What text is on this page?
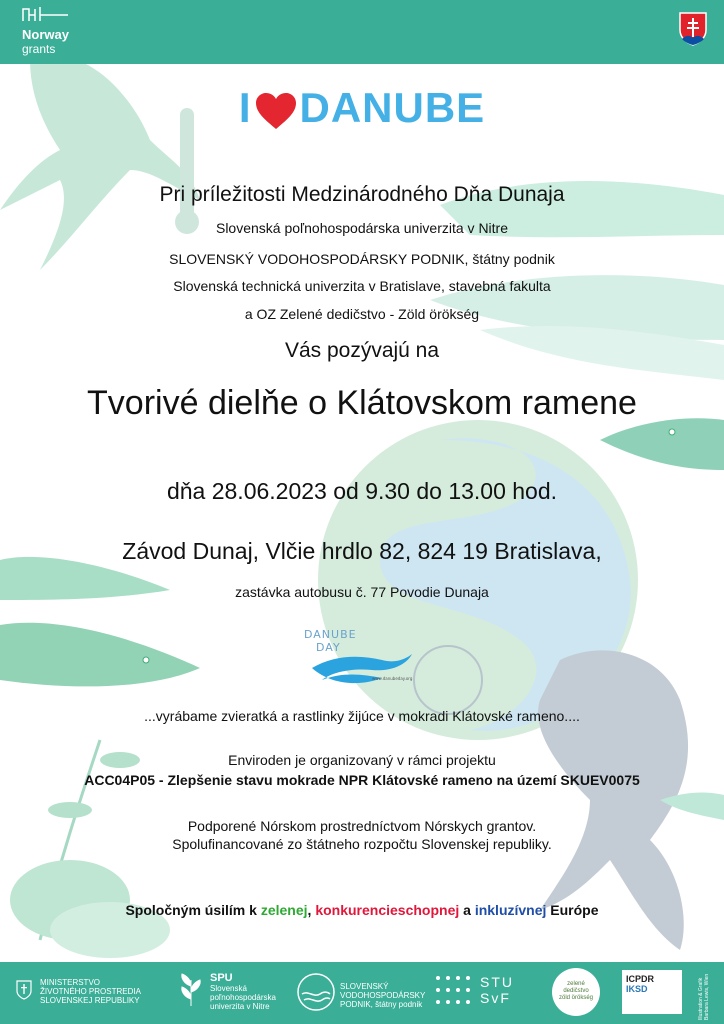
Norway
grants
I DANUBE
Pri príležitosti Medzinárodného Dňa Dunaja
Slovenská poľnohospodárska univerzita v Nitre
SLOVENSKÝ VODOHOSPODÁRSKY PODNIK, štátny podnik
Slovenská technická univerzita v Bratislave, stavebná fakulta
a OZ Zelené dedičstvo - Zöld örökség
Vás pozývajú na
Tvorivé dielňe o Klátovskom ramene
dňa 28.06.2023 od 9.30 do 13.00 hod.
Závod Dunaj, Vlčie hrdlo 82, 824 19 Bratislava,
zastávka autobusu č. 77 Povodie Dunaja
DANUBE
DAY
www.danubeday.org
...vyrábame zvieratká a rastlinky žijúce v mokradi Klátovské rameno....
Enviroden je organizovaný v rámci projektu
ACC04P05 - Zlepšenie stavu mokrade NPR Klátovské rameno na území SKUEV0075
Podporené Nórskom prostredníctvom Nórskych grantov.
Spolufinancované zo štátneho rozpočtu Slovenskej republiky.
Spoločným úsilím k zelenej, konkurencieschopnej a inkluzívnej Európe
MINISTERSTVO
ŽIVOTNÉHO PROSTREDIA
SLOVENSKEJ REPUBLIKY
SPU
Slovenská
poľnohospodárska
univerzita v Nitre
SLOVENSKÝ
VODOHOSPODÁRSKY
PODNIK, štátny podnik
STU
SvF
zelené dedičstvo zöld örökség
ICPDR IKSD	Illustration & Grafik Barbara Lewis, Wien
